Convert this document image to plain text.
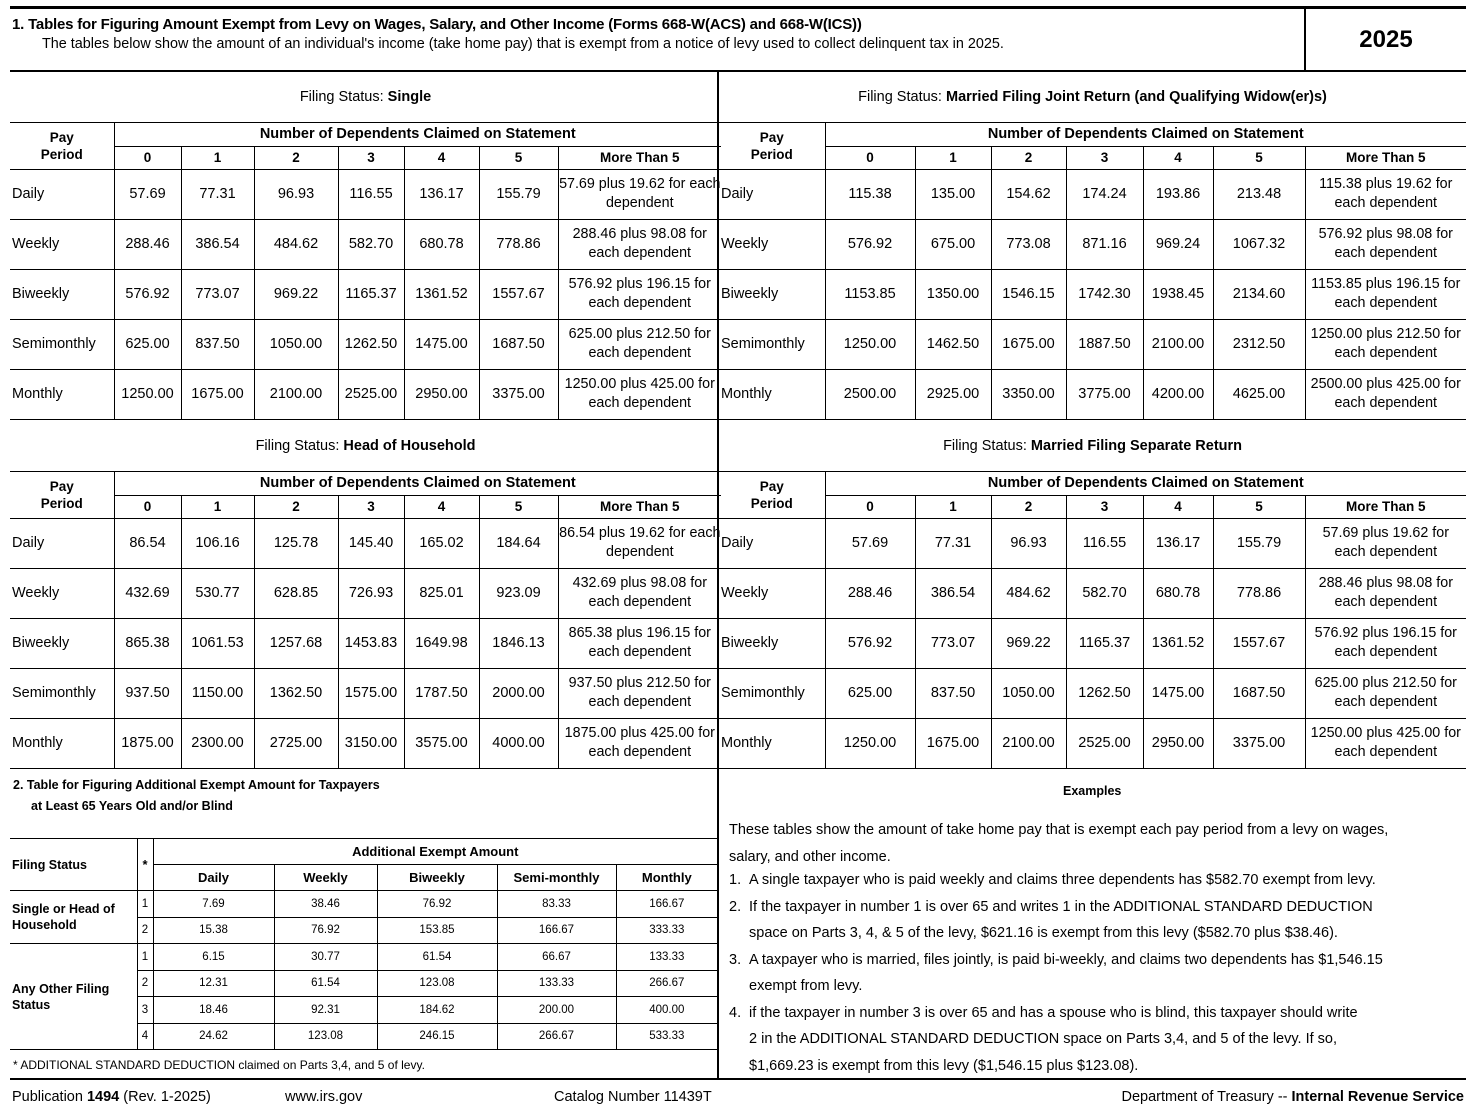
1. Tables for Figuring Amount Exempt from Levy on Wages, Salary, and Other Income (Forms 668-W(ACS) and 668-W(ICS))
The tables below show the amount of an individual's income (take home pay) that is exempt from a notice of levy used to collect delinquent tax in 2025.	2025
Filing Status: Single							

Pay
Period	Number of Dependents Claimed on Statement						
	0	1	2	3	4	5	More Than 5
Daily	57.69	77.31	96.93	116.55	136.17	155.79	57.69 plus 19.62 for each dependent
Weekly	288.46	386.54	484.62	582.70	680.78	778.86	288.46 plus 98.08 for each dependent
Biweekly	576.92	773.07	969.22	1165.37	1361.52	1557.67	576.92 plus 196.15 for each dependent
Semimonthly	625.00	837.50	1050.00	1262.50	1475.00	1687.50	625.00 plus 212.50 for each dependent
Monthly	1250.00	1675.00	2100.00	2525.00	2950.00	3375.00	1250.00 plus 425.00 for each dependent
Filing Status: Married Filing Joint Return (and Qualifying Widow(er)s)							

Pay
Period	Number of Dependents Claimed on Statement						
	0	1	2	3	4	5	More Than 5
Daily	115.38	135.00	154.62	174.24	193.86	213.48	115.38 plus 19.62 for each dependent
Weekly	576.92	675.00	773.08	871.16	969.24	1067.32	576.92 plus 98.08 for each dependent
Biweekly	1153.85	1350.00	1546.15	1742.30	1938.45	2134.60	1153.85 plus 196.15 for each dependent
Semimonthly	1250.00	1462.50	1675.00	1887.50	2100.00	2312.50	1250.00 plus 212.50 for each dependent
Monthly	2500.00	2925.00	3350.00	3775.00	4200.00	4625.00	2500.00 plus 425.00 for each dependent
Filing Status: Head of Household							

Pay
Period	Number of Dependents Claimed on Statement						
	0	1	2	3	4	5	More Than 5
Daily	86.54	106.16	125.78	145.40	165.02	184.64	86.54 plus 19.62 for each dependent
Weekly	432.69	530.77	628.85	726.93	825.01	923.09	432.69 plus 98.08 for each dependent
Biweekly	865.38	1061.53	1257.68	1453.83	1649.98	1846.13	865.38 plus 196.15 for each dependent
Semimonthly	937.50	1150.00	1362.50	1575.00	1787.50	2000.00	937.50 plus 212.50 for each dependent
Monthly	1875.00	2300.00	2725.00	3150.00	3575.00	4000.00	1875.00 plus 425.00 for each dependent
Filing Status: Married Filing Separate Return							

Pay
Period	Number of Dependents Claimed on Statement						
	0	1	2	3	4	5	More Than 5
Daily	57.69	77.31	96.93	116.55	136.17	155.79	57.69 plus 19.62 for each dependent
Weekly	288.46	386.54	484.62	582.70	680.78	778.86	288.46 plus 98.08 for each dependent
Biweekly	576.92	773.07	969.22	1165.37	1361.52	1557.67	576.92 plus 196.15 for each dependent
Semimonthly	625.00	837.50	1050.00	1262.50	1475.00	1687.50	625.00 plus 212.50 for each dependent
Monthly	1250.00	1675.00	2100.00	2525.00	2950.00	3375.00	1250.00 plus 425.00 for each dependent
2. Table for Figuring Additional Exempt Amount for Taxpayers
at Least 65 Years Old and/or Blind
Filing Status	*	Additional Exempt Amount				
		Daily	Weekly	Biweekly	Semi-monthly	Monthly
Single or Head of Household	1	7.69	38.46	76.92	83.33	166.67
	2	15.38	76.92	153.85	166.67	333.33
Any Other Filing Status	1	6.15	30.77	61.54	66.67	133.33
	2	12.31	61.54	123.08	133.33	266.67
	3	18.46	92.31	184.62	200.00	400.00
	4	24.62	123.08	246.15	266.67	533.33
* ADDITIONAL STANDARD DEDUCTION claimed on Parts 3,4, and 5 of levy.
Examples
These tables show the amount of take home pay that is exempt each pay period from a levy on wages,
salary, and other income.
1. A single taxpayer who is paid weekly and claims three dependents has $582.70 exempt from levy.
2. If the taxpayer in number 1 is over 65 and writes 1 in the ADDITIONAL STANDARD DEDUCTION
space on Parts 3, 4, & 5 of the levy, $621.16 is exempt from this levy ($582.70 plus $38.46).
3. A taxpayer who is married, files jointly, is paid bi-weekly, and claims two dependents has $1,546.15
exempt from levy.
4. if the taxpayer in number 3 is over 65 and has a spouse who is blind, this taxpayer should write
2 in the ADDITIONAL STANDARD DEDUCTION space on Parts 3,4, and 5 of the levy. If so,
$1,669.23 is exempt from this levy ($1,546.15 plus $123.08).
Publication 1494 (Rev. 1-2025)	www.irs.gov	Catalog Number 11439T	Department of Treasury -- Internal Revenue Service
